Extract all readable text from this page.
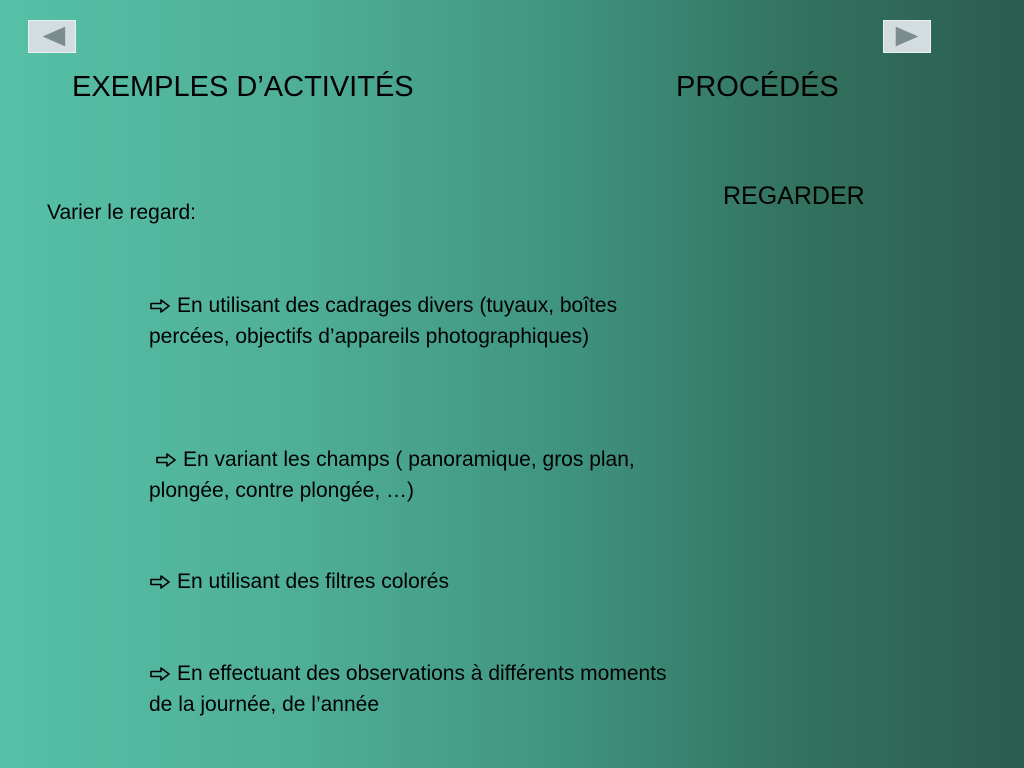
EXEMPLES D’ACTIVITÉS	PROCÉDÉS
REGARDER
Varier le regard:
En utilisant des cadrages divers (tuyaux, boîtes percées, objectifs d’appareils photographiques)
En variant les champs ( panoramique, gros plan, plongée, contre plongée, …)
En utilisant des filtres colorés
En effectuant des observations à différents moments de la journée, de l’année
